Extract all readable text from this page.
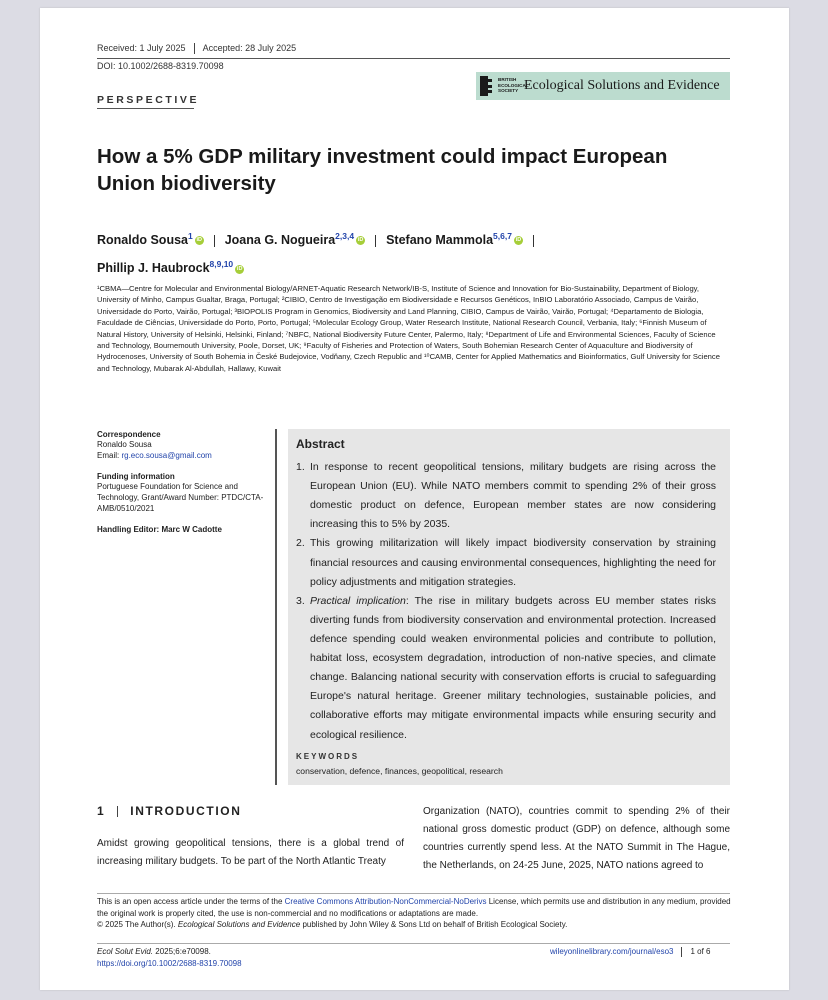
Received: 1 July 2025 Accepted: 28 July 2025
DOI: 10.1002/2688-8319.70098
BRITISH
ECOLOGICAL
SOCIETY Ecological Solutions and Evidence
PERSPECTIVE
How a 5% GDP military investment could impact European Union biodiversity
Ronaldo Sousa$^1$ iD Joana G. Nogueira$^{2,3,4}$ iD Stefano Mammola$^{5,6,7}$ iD
Phillip J. Haubrock$^{8,9,10}$ iD
¹CBMA—Centre for Molecular and Environmental Biology/ARNET-Aquatic Research Network/IB-S, Institute of Science and Innovation for Bio-Sustainability, Department of Biology, University of Minho, Campus Gualtar, Braga, Portugal; ²CIBIO, Centro de Investigação em Biodiversidade e Recursos Genéticos, InBIO Laboratório Associado, Campus de Vairão, Universidade do Porto, Vairão, Portugal; ³BIOPOLIS Program in Genomics, Biodiversity and Land Planning, CIBIO, Campus de Vairão, Vairão, Portugal; ⁴Departamento de Biologia, Faculdade de Ciências, Universidade do Porto, Porto, Portugal; ⁵Molecular Ecology Group, Water Research Institute, National Research Council, Verbania, Italy; ⁶Finnish Museum of Natural History, University of Helsinki, Helsinki, Finland; ⁷NBFC, National Biodiversity Future Center, Palermo, Italy; ⁸Department of Life and Environmental Sciences, Faculty of Science and Technology, Bournemouth University, Poole, Dorset, UK; ⁹Faculty of Fisheries and Protection of Waters, South Bohemian Research Center of Aquaculture and Biodiversity of Hydrocenoses, University of South Bohemia in České Budejovice, Vodňany, Czech Republic and ¹⁰CAMB, Center for Applied Mathematics and Bioinformatics, Gulf University for Science and Technology, Mubarak Al-Abdullah, Hallawy, Kuwait
Correspondence
Ronaldo Sousa
Email: rg.eco.sousa@gmail.com
Funding information
Portuguese Foundation for Science and Technology, Grant/Award Number: PTDC/CTA-AMB/0510/2021
Handling Editor: Marc W Cadotte
Abstract
1. In response to recent geopolitical tensions, military budgets are rising across the European Union (EU). While NATO members commit to spending 2% of their gross domestic product on defence, European member states are now considering increasing this to 5% by 2035.
2. This growing militarization will likely impact biodiversity conservation by straining financial resources and causing environmental consequences, highlighting the need for policy adjustments and mitigation strategies.
3. Practical implication: The rise in military budgets across EU member states risks diverting funds from biodiversity conservation and environmental protection. Increased defence spending could weaken environmental policies and contribute to pollution, habitat loss, ecosystem degradation, introduction of non-native species, and climate change. Balancing national security with conservation efforts is crucial to safeguarding Europe's natural heritage. Greener military technologies, sustainable policies, and collaborative efforts may mitigate environmental impacts while ensuring security and ecological resilience.
KEYWORDS
conservation, defence, finances, geopolitical, research
1 INTRODUCTION
Amidst growing geopolitical tensions, there is a global trend of increasing military budgets. To be part of the North Atlantic Treaty
Organization (NATO), countries commit to spending 2% of their national gross domestic product (GDP) on defence, although some countries currently spend less. At the NATO Summit in The Hague, the Netherlands, on 24-25 June, 2025, NATO nations agreed to
This is an open access article under the terms of the Creative Commons Attribution-NonCommercial-NoDerivs License, which permits use and distribution in any medium, provided the original work is properly cited, the use is non-commercial and no modifications or adaptations are made.
© 2025 The Author(s). Ecological Solutions and Evidence published by John Wiley & Sons Ltd on behalf of British Ecological Society.
Ecol Solut Evid. 2025;6:e70098.
https://doi.org/10.1002/2688-8319.70098
wileyonlinelibrary.com/journal/eso3 1 of 6
